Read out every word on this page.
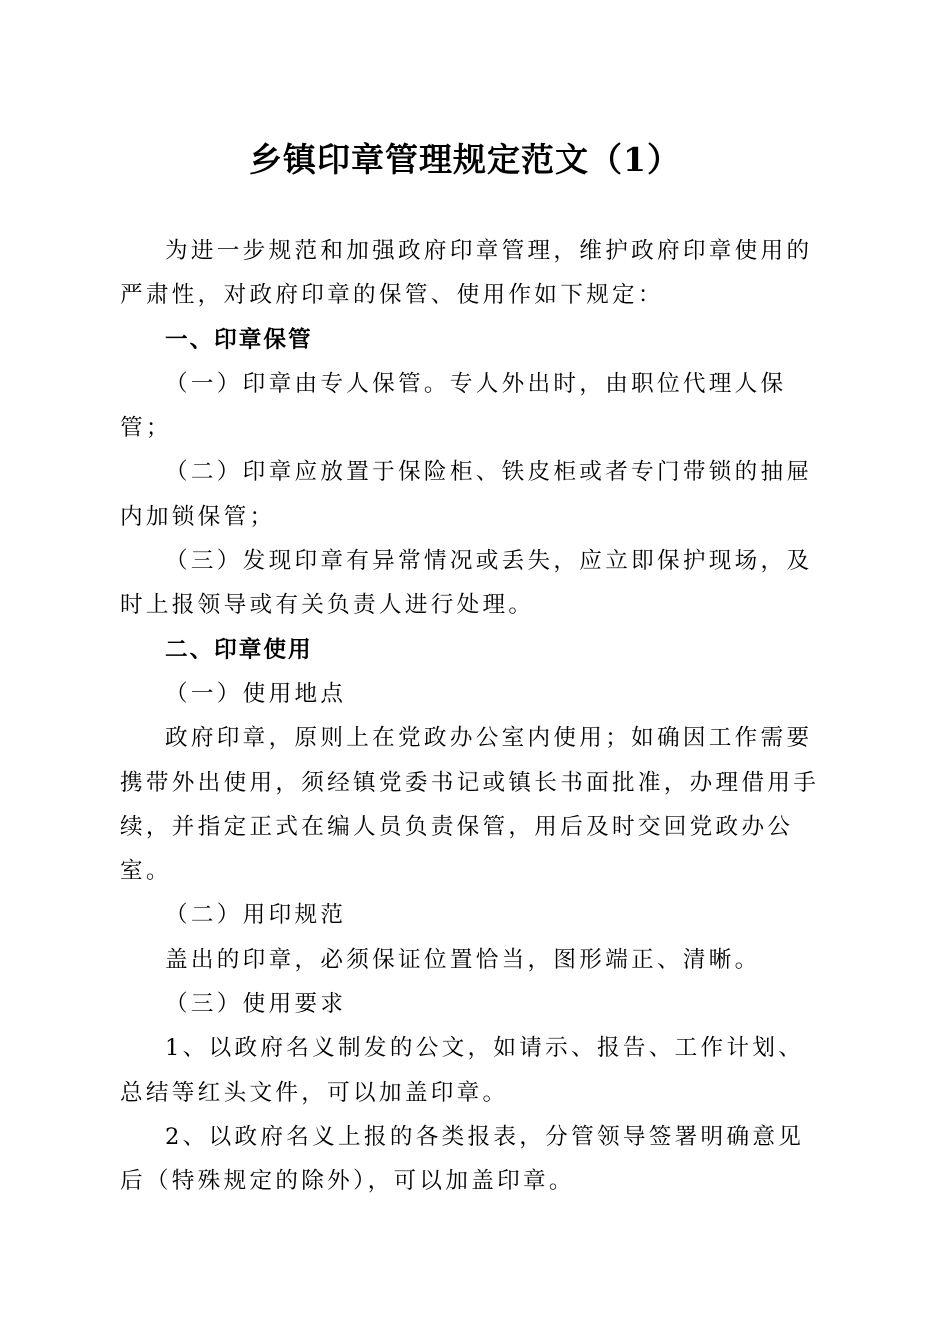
乡镇印章管理规定范文（1）

为进一步规范和加强政府印章管理，维护政府印章使用的严肃性，对政府印章的保管、使用作如下规定：

一、印章保管

（一）印章由专人保管。专人外出时，由职位代理人保管；

（二）印章应放置于保险柜、铁皮柜或者专门带锁的抽屉内加锁保管；

（三）发现印章有异常情况或丢失，应立即保护现场，及时上报领导或有关负责人进行处理。

二、印章使用

（一）使用地点

政府印章，原则上在党政办公室内使用；如确因工作需要携带外出使用，须经镇党委书记或镇长书面批准，办理借用手续，并指定正式在编人员负责保管，用后及时交回党政办公室。

（二）用印规范

盖出的印章，必须保证位置恰当，图形端正、清晰。

（三）使用要求

1、以政府名义制发的公文，如请示、报告、工作计划、总结等红头文件，可以加盖印章。

2、以政府名义上报的各类报表，分管领导签署明确意见后（特殊规定的除外），可以加盖印章。
